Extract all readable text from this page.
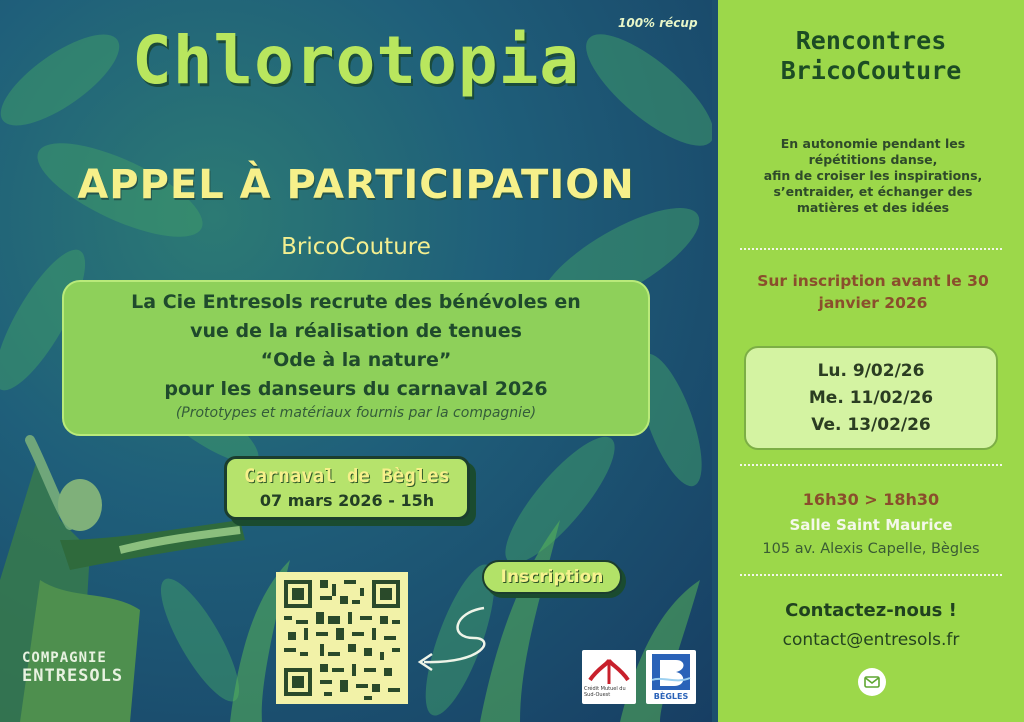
100% récup
Chlorotopia
APPEL À PARTICIPATION
BricoCouture
La Cie Entresols recrute des bénévoles en
vue de la réalisation de tenues
“Ode à la nature”
pour les danseurs du carnaval 2026
(Prototypes et matériaux fournis par la compagnie)
Carnaval de Bègles
07 mars 2026 - 15h
Inscription
COMPAGNIE
ENTRESOLS
Crédit Mutuel du Sud-Ouest	BÈGLES
Rencontres
BricoCouture
En autonomie pendant les
répétitions danse,
afin de croiser les inspirations,
s’entraider, et échanger des
matières et des idées
Sur inscription avant le 30
janvier 2026
Lu. 9/02/26
Me. 11/02/26
Ve. 13/02/26
16h30 > 18h30
Salle Saint Maurice
105 av. Alexis Capelle, Bègles
Contactez-nous !
contact@entresols.fr
